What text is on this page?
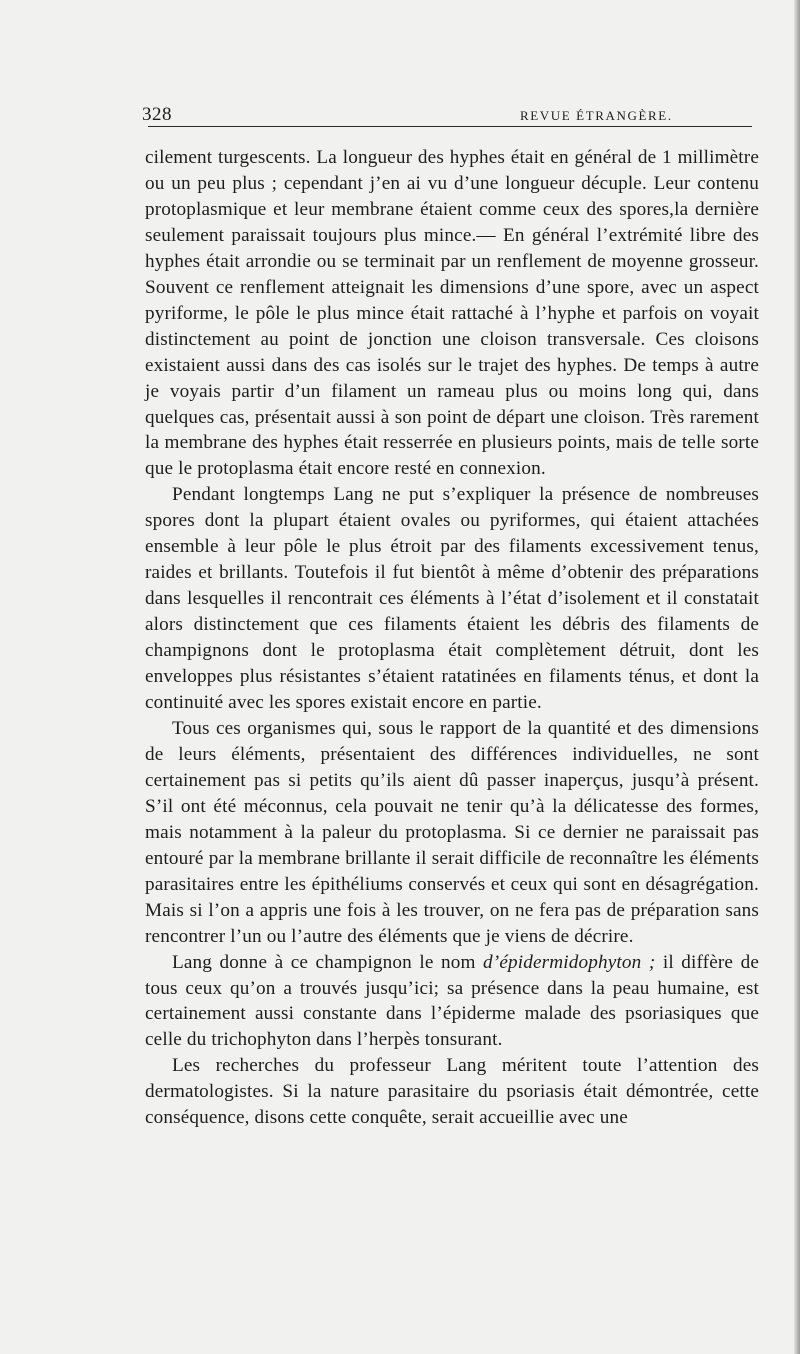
328	REVUE ÉTRANGÈRE.

cilement turgescents. La longueur des hyphes était en général de 1 millimètre ou un peu plus ; cependant j’en ai vu d’une longueur décuple. Leur contenu protoplasmique et leur membrane étaient comme ceux des spores,la dernière seulement paraissait toujours plus mince.— En général l’extrémité libre des hyphes était arrondie ou se terminait par un renflement de moyenne grosseur. Souvent ce renflement atteignait les dimensions d’une spore, avec un aspect pyriforme, le pôle le plus mince était rattaché à l’hyphe et parfois on voyait distinctement au point de jonction une cloison transversale. Ces cloisons existaient aussi dans des cas isolés sur le trajet des hyphes. De temps à autre je voyais partir d’un filament un rameau plus ou moins long qui, dans quelques cas, présentait aussi à son point de départ une cloison. Très rarement la membrane des hyphes était resserrée en plusieurs points, mais de telle sorte que le protoplasma était encore resté en connexion.

Pendant longtemps Lang ne put s’expliquer la présence de nombreuses spores dont la plupart étaient ovales ou pyriformes, qui étaient attachées ensemble à leur pôle le plus étroit par des filaments excessivement tenus, raides et brillants. Toutefois il fut bientôt à même d’obtenir des préparations dans lesquelles il rencontrait ces éléments à l’état d’isolement et il constatait alors distinctement que ces filaments étaient les débris des filaments de champignons dont le protoplasma était complètement détruit, dont les enveloppes plus résistantes s’étaient ratatinées en filaments ténus, et dont la continuité avec les spores existait encore en partie.

Tous ces organismes qui, sous le rapport de la quantité et des dimensions de leurs éléments, présentaient des différences individuelles, ne sont certainement pas si petits qu’ils aient dû passer inaperçus, jusqu’à présent. S’il ont été méconnus, cela pouvait ne tenir qu’à la délicatesse des formes, mais notamment à la paleur du protoplasma. Si ce dernier ne paraissait pas entouré par la membrane brillante il serait difficile de reconnaître les éléments parasitaires entre les épithéliums conservés et ceux qui sont en désagrégation. Mais si l’on a appris une fois à les trouver, on ne fera pas de préparation sans rencontrer l’un ou l’autre des éléments que je viens de décrire.

Lang donne à ce champignon le nom d’épidermidophyton ; il diffère de tous ceux qu’on a trouvés jusqu’ici; sa présence dans la peau humaine, est certainement aussi constante dans l’épiderme malade des psoriasiques que celle du trichophyton dans l’herpès tonsurant.

Les recherches du professeur Lang méritent toute l’attention des dermatologistes. Si la nature parasitaire du psoriasis était démontrée, cette conséquence, disons cette conquête, serait accueillie avec une
